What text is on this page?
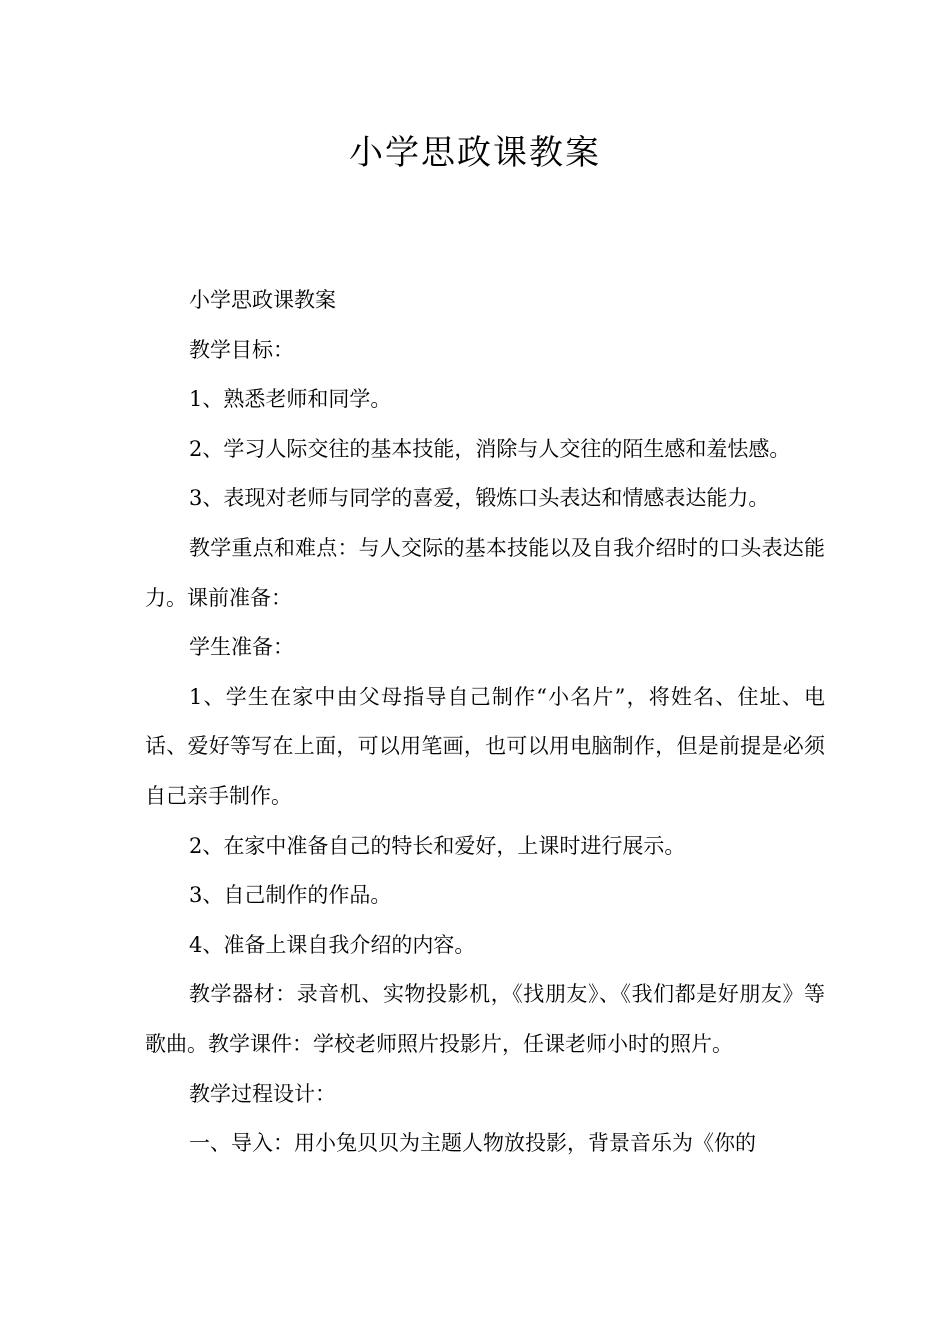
小学思政课教案

小学思政课教案

教学目标：

1、熟悉老师和同学。

2、学习人际交往的基本技能，消除与人交往的陌生感和羞怯感。

3、表现对老师与同学的喜爱，锻炼口头表达和情感表达能力。

教学重点和难点：与人交际的基本技能以及自我介绍时的口头表达能力。课前准备：

学生准备：

1、学生在家中由父母指导自己制作“小名片”，将姓名、住址、电话、爱好等写在上面，可以用笔画，也可以用电脑制作，但是前提是必须自己亲手制作。

2、在家中准备自己的特长和爱好，上课时进行展示。

3、自己制作的作品。

4、准备上课自我介绍的内容。

教学器材：录音机、实物投影机，《找朋友》、《我们都是好朋友》等歌曲。教学课件：学校老师照片投影片，任课老师小时的照片。

教学过程设计：

一、导入：用小兔贝贝为主题人物放投影，背景音乐为《你的
